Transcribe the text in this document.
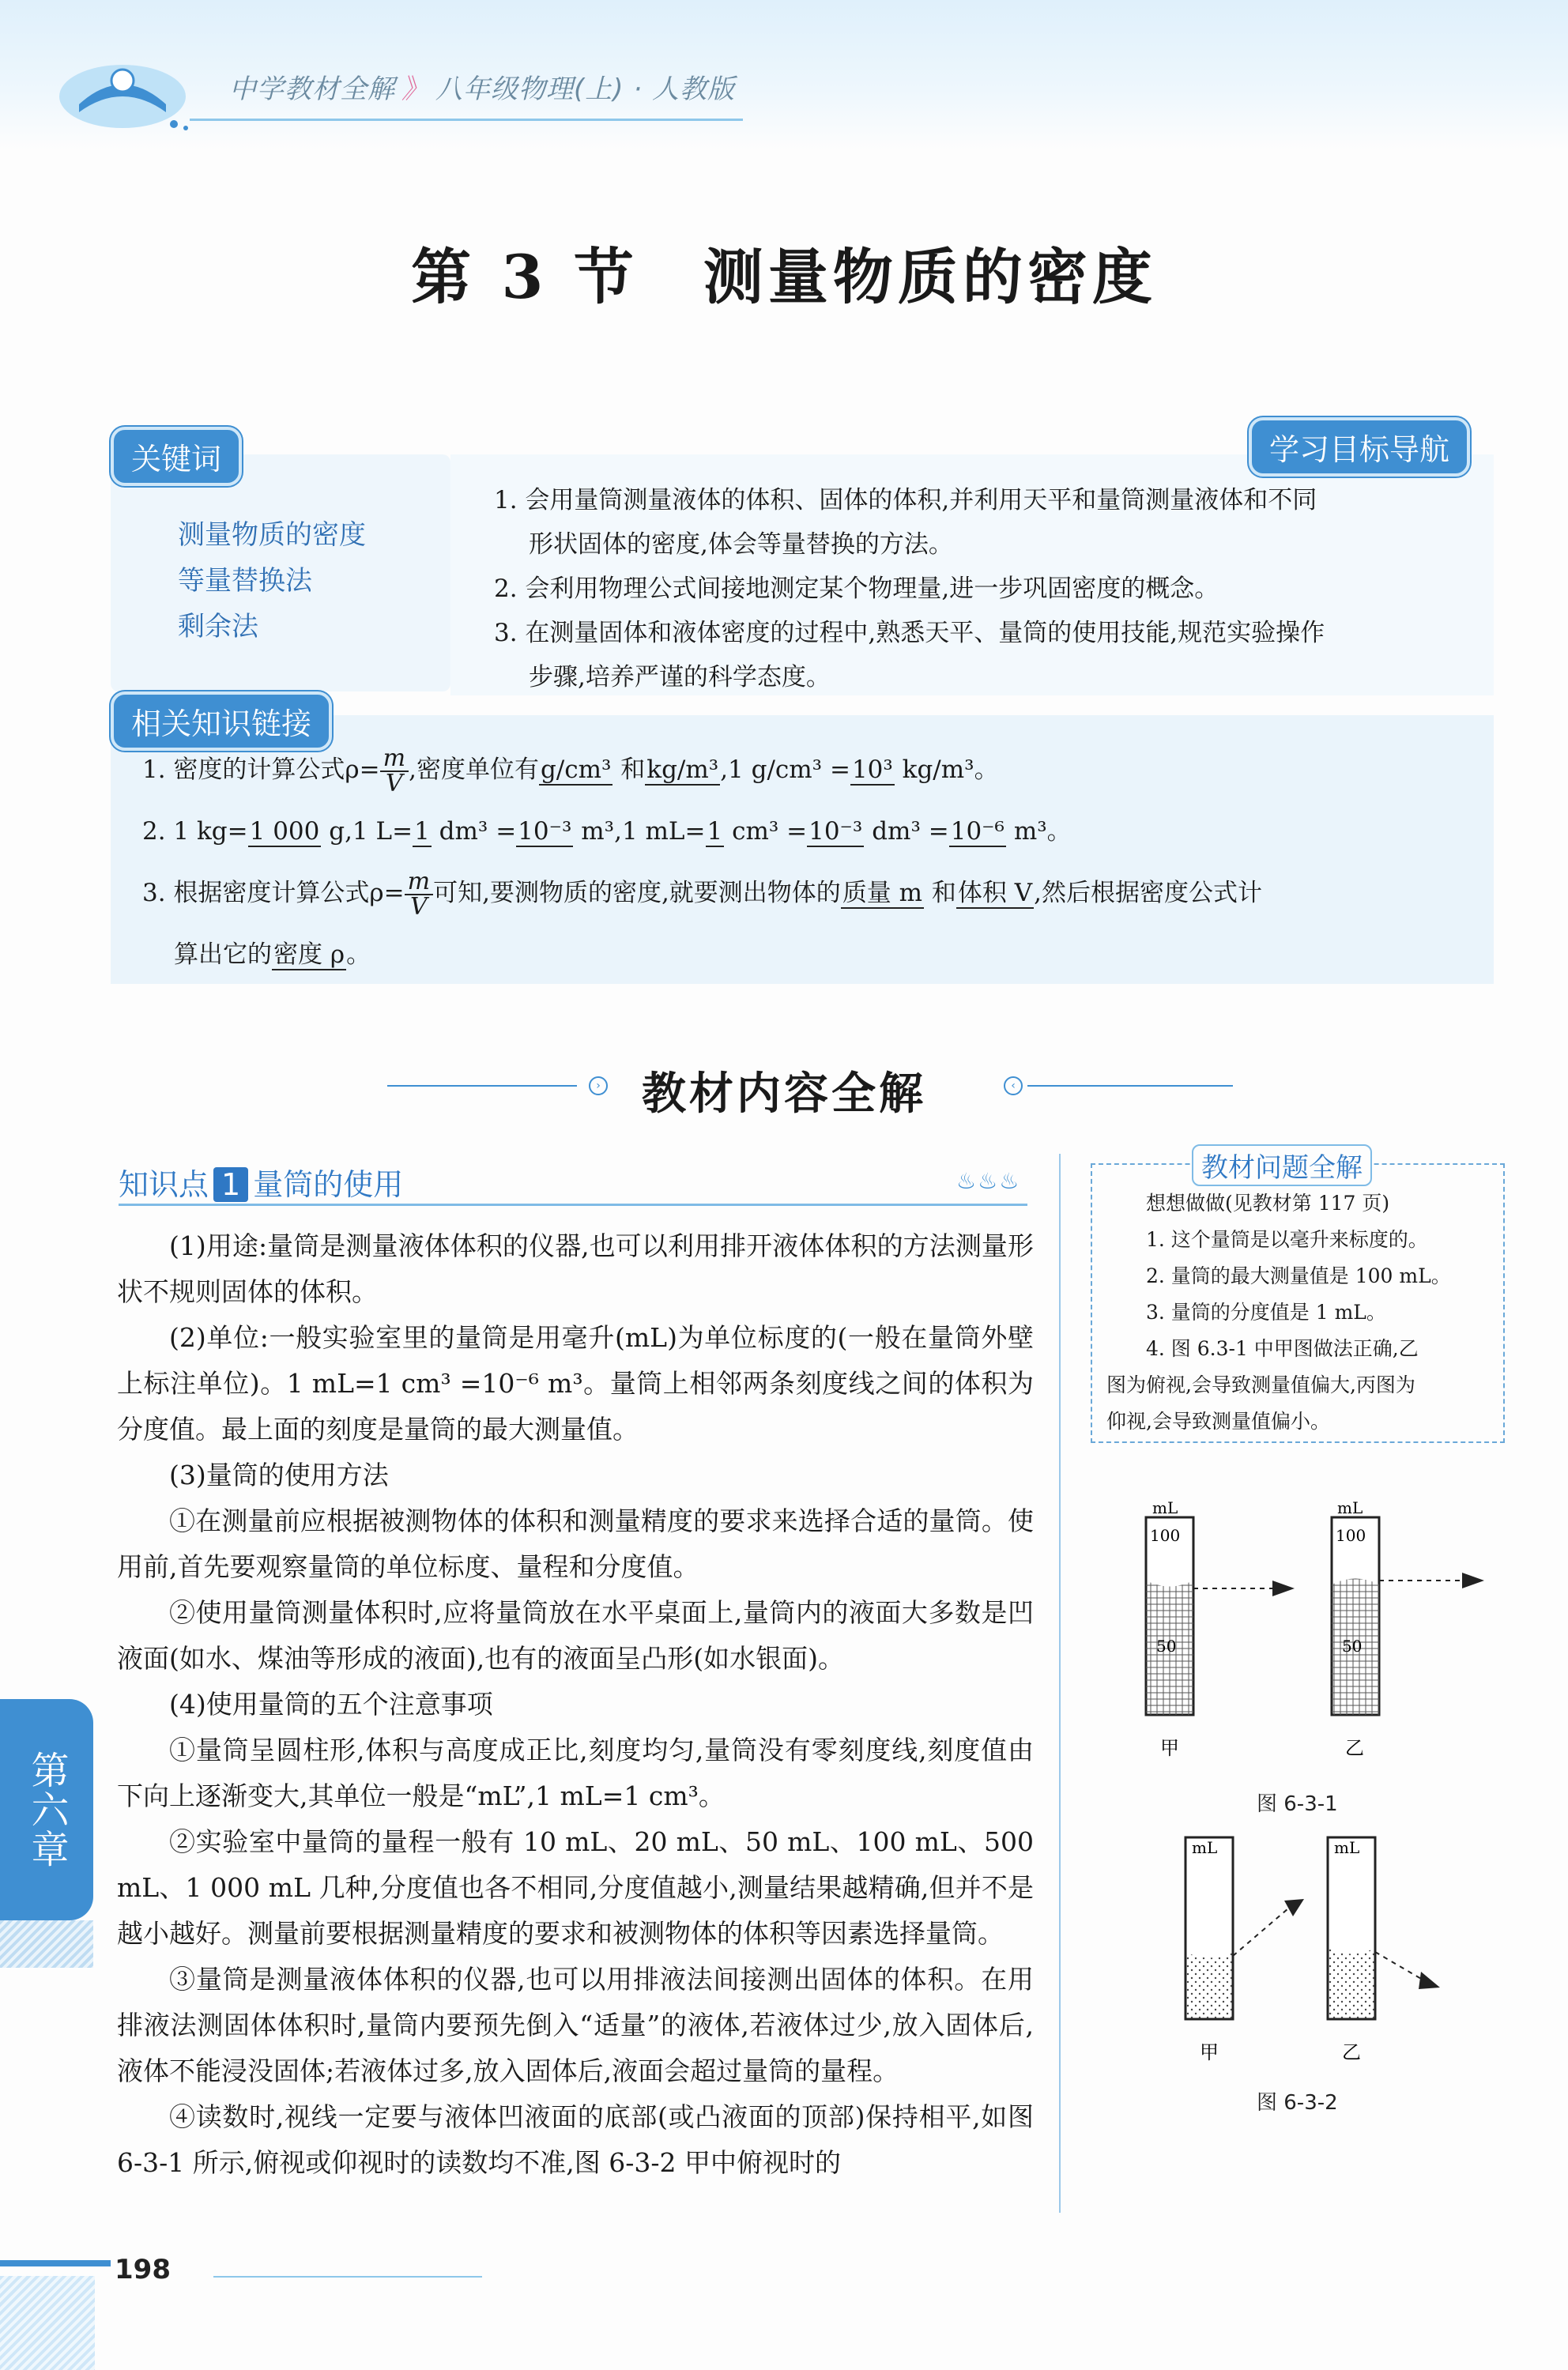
中学教材全解 》 八年级物理(上) · 人教版
第 3 节　测量物质的密度
关键词
测量物质的密度
等量替换法
剩余法
学习目标导航

1. 会用量筒测量液体的体积、固体的体积,并利用天平和量筒测量液体和不同

形状固体的密度,体会等量替换的方法。

2. 会利用物理公式间接地测定某个物理量,进一步巩固密度的概念。

3. 在测量固体和液体密度的过程中,熟悉天平、量筒的使用技能,规范实验操作

步骤,培养严谨的科学态度。

相关知识链接

1. 密度的计算公式$\rho= \frac{m}{V}$ ,密度单位有g/cm³ 和kg/m³,1 g/cm³ =10³ kg/m³。

2. 1 kg=1 000 g,1 L=1 dm³ =10⁻³ m³,1 mL=1 cm³ =10⁻³ dm³ =10⁻⁶ m³。

3. 根据密度计算公式$\rho= \frac{m}{V}$ 可知,要测物质的密度,就要测出物体的质量 m 和体积 V,然后根据密度公式计

算出它的密度 ρ。

› 教材内容全解	‹
知识点 1 量筒的使用	♨♨♨

(1)用途:量筒是测量液体体积的仪器,也可以利用排开液体体积的方法测量形状不规则固体的体积。

(2)单位:一般实验室里的量筒是用毫升(mL)为单位标度的(一般在量筒外壁上标注单位)。1 mL=1 cm³ =10⁻⁶ m³。量筒上相邻两条刻度线之间的体积为分度值。最上面的刻度是量筒的最大测量值。

(3)量筒的使用方法

①在测量前应根据被测物体的体积和测量精度的要求来选择合适的量筒。使用前,首先要观察量筒的单位标度、量程和分度值。

②使用量筒测量体积时,应将量筒放在水平桌面上,量筒内的液面大多数是凹液面(如水、煤油等形成的液面),也有的液面呈凸形(如水银面)。

(4)使用量筒的五个注意事项

①量筒呈圆柱形,体积与高度成正比,刻度均匀,量筒没有零刻度线,刻度值由下向上逐渐变大,其单位一般是“mL”,1 mL=1 cm³。

②实验室中量筒的量程一般有 10 mL、20 mL、50 mL、100 mL、500 mL、1 000 mL 几种,分度值也各不相同,分度值越小,测量结果越精确,但并不是越小越好。测量前要根据测量精度的要求和被测物体的体积等因素选择量筒。

③量筒是测量液体体积的仪器,也可以用排液法间接测出固体的体积。在用排液法测固体体积时,量筒内要预先倒入“适量”的液体,若液体过少,放入固体后,液体不能浸没固体;若液体过多,放入固体后,液面会超过量筒的量程。

④读数时,视线一定要与液体凹液面的底部(或凸液面的顶部)保持相平,如图 6-3-1 所示,俯视或仰视时的读数均不准,图 6-3-2 甲中俯视时的

教材问题全解

想想做做(见教材第 117 页)

1. 这个量筒是以毫升来标度的。

2. 量筒的最大测量值是 100 mL。

3. 量筒的分度值是 1 mL。

4. 图 6.3-1 中甲图做法正确,乙

图为俯视,会导致测量值偏大,丙图为

仰视,会导致测量值偏小。

mL
100
50
mL
100
50
甲	乙
图 6-3-1
mL	mL
甲	乙
图 6-3-2
第六章
198
